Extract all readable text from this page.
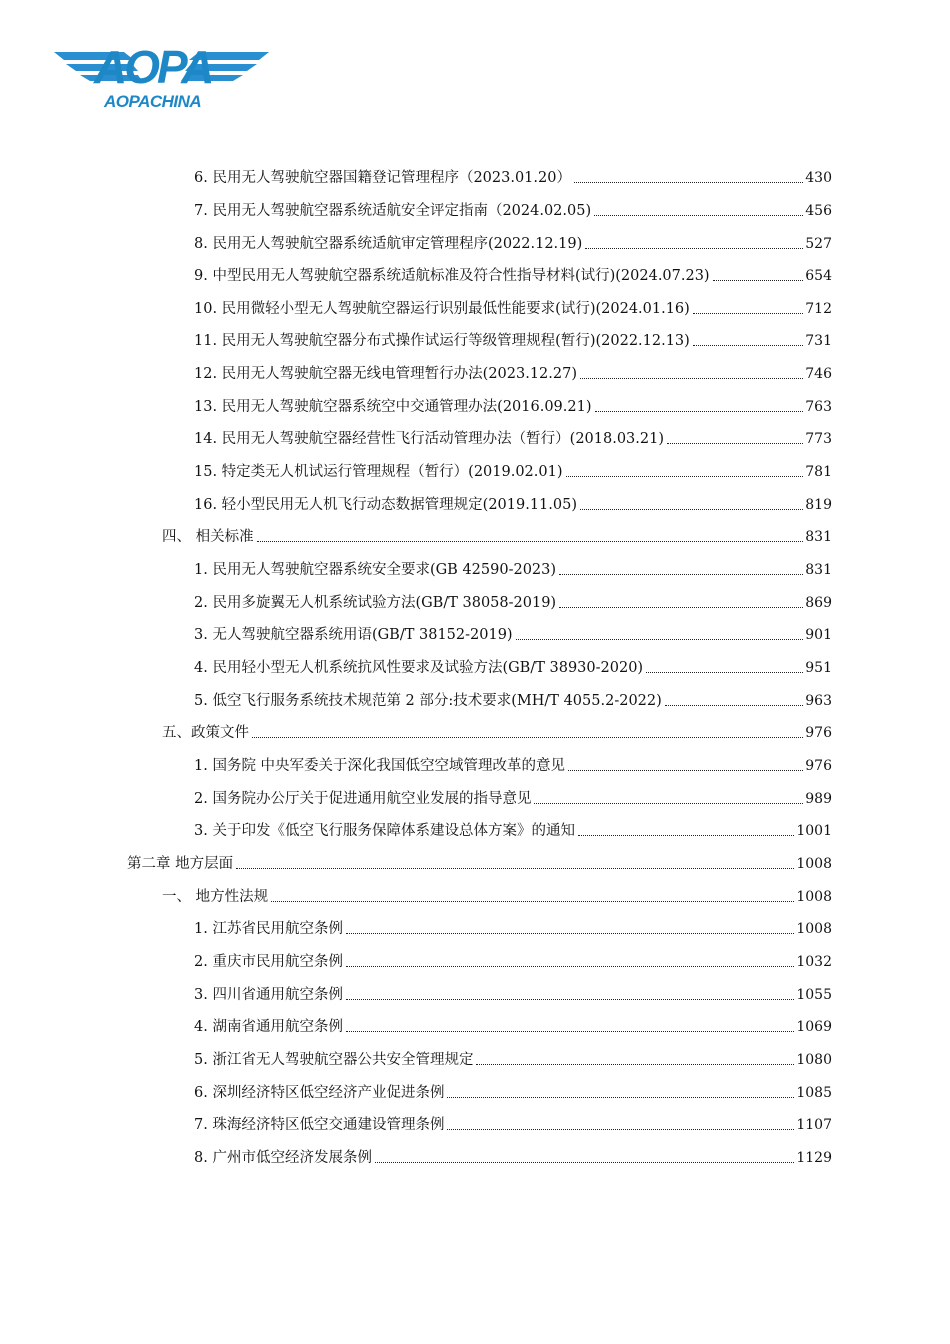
AOPA
AOPACHINA
6. 民用无人驾驶航空器国籍登记管理程序（2023.01.20）	430
7. 民用无人驾驶航空器系统适航安全评定指南（2024.02.05)	456
8. 民用无人驾驶航空器系统适航审定管理程序(2022.12.19)	527
9. 中型民用无人驾驶航空器系统适航标准及符合性指导材料(试行)(2024.07.23)	654
10. 民用微轻小型无人驾驶航空器运行识别最低性能要求(试行)(2024.01.16)	712
11. 民用无人驾驶航空器分布式操作试运行等级管理规程(暂行)(2022.12.13)	731
12. 民用无人驾驶航空器无线电管理暂行办法(2023.12.27)	746
13. 民用无人驾驶航空器系统空中交通管理办法(2016.09.21)	763
14. 民用无人驾驶航空器经营性飞行活动管理办法（暂行）(2018.03.21)	773
15. 特定类无人机试运行管理规程（暂行）(2019.02.01)	781
16. 轻小型民用无人机飞行动态数据管理规定(2019.11.05)	819
四、 相关标准	831
1. 民用无人驾驶航空器系统安全要求(GB 42590-2023)	831
2. 民用多旋翼无人机系统试验方法(GB/T 38058-2019)	869
3. 无人驾驶航空器系统用语(GB/T 38152-2019)	901
4. 民用轻小型无人机系统抗风性要求及试验方法(GB/T 38930-2020)	951
5. 低空飞行服务系统技术规范第 2 部分:技术要求(MH/T 4055.2-2022)	963
五、政策文件	976
1. 国务院 中央军委关于深化我国低空空域管理改革的意见	976
2. 国务院办公厅关于促进通用航空业发展的指导意见	989
3. 关于印发《低空飞行服务保障体系建设总体方案》的通知	1001
第二章 地方层面	1008
一、 地方性法规	1008
1. 江苏省民用航空条例	1008
2. 重庆市民用航空条例	1032
3. 四川省通用航空条例	1055
4. 湖南省通用航空条例	1069
5. 浙江省无人驾驶航空器公共安全管理规定	1080
6. 深圳经济特区低空经济产业促进条例	1085
7. 珠海经济特区低空交通建设管理条例	1107
8. 广州市低空经济发展条例	1129
